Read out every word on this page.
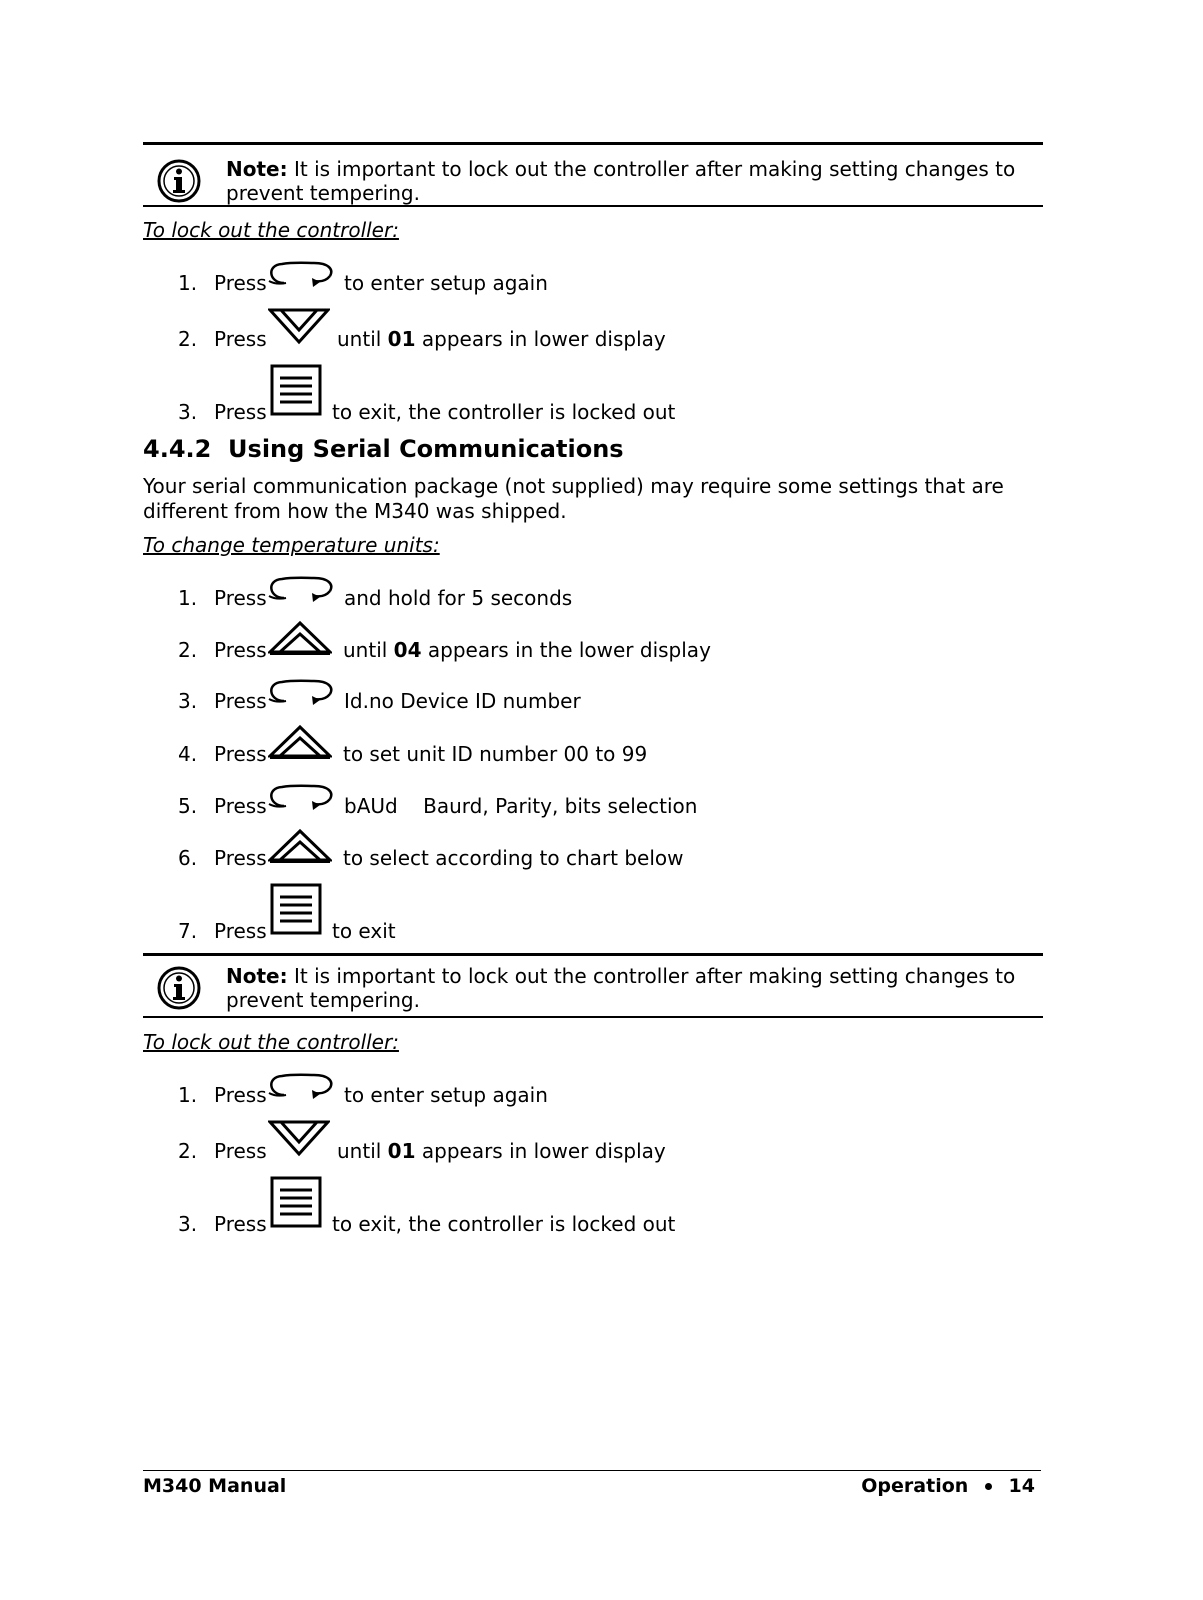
Note: It is important to lock out the controller after making setting changes to prevent tempering.
To lock out the controller:
1. Press	to enter setup again
2. Press	until 01 appears in lower display
3. Press	to exit, the controller is locked out
4.4.2  Using Serial Communications
Your serial communication package (not supplied) may require some settings that are different from how the M340 was shipped.
To change temperature units:
1. Press	and hold for 5 seconds
2. Press	until 04 appears in the lower display
3. Press	Id.no Device ID number
4. Press	to set unit ID number 00 to 99
5. Press	bAUd    Baurd, Parity, bits selection
6. Press	to select according to chart below
7. Press	to exit
Note: It is important to lock out the controller after making setting changes to prevent tempering.
To lock out the controller:
1. Press	to enter setup again
2. Press	until 01 appears in lower display
3. Press	to exit, the controller is locked out
M340 Manual	Operation 14
